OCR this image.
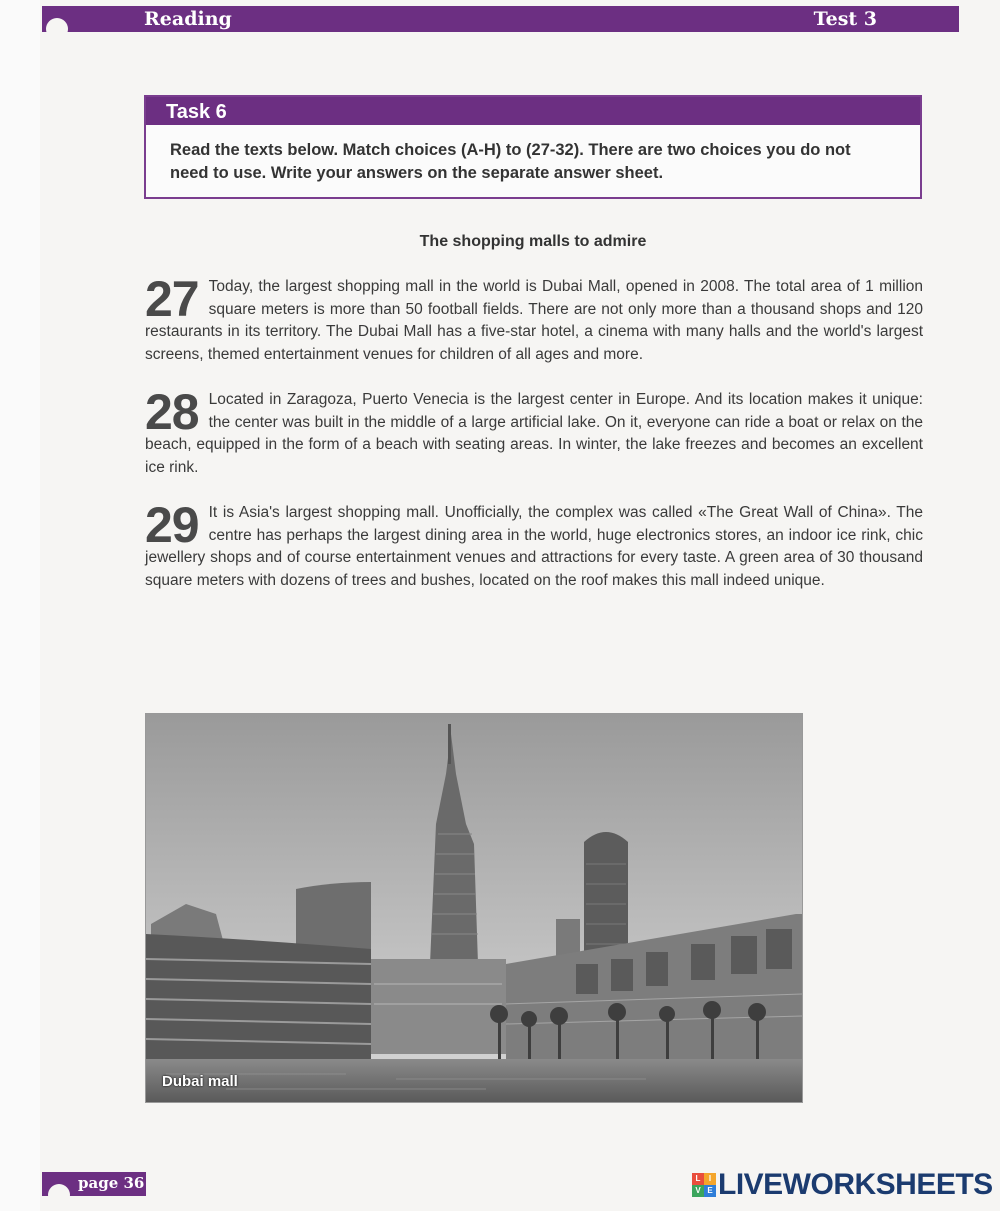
Reading	Test 3
Task 6
Read the texts below. Match choices (A-H) to (27-32). There are two choices you do not
need to use. Write your answers on the separate answer sheet.
The shopping malls to admire
27 Today, the largest shopping mall in the world is Dubai Mall, opened in 2008. The total area of 1 million square meters is more than 50 football fields. There are not only more than a thousand shops and 120 restaurants in its territory. The Dubai Mall has a five-star hotel, a cinema with many halls and the world's largest screens, themed entertainment venues for children of all ages and more.
28 Located in Zaragoza, Puerto Venecia is the largest center in Europe. And its location makes it unique: the center was built in the middle of a large artificial lake. On it, everyone can ride a boat or relax on the beach, equipped in the form of a beach with seating areas. In winter, the lake freezes and becomes an excellent ice rink.
29 It is Asia's largest shopping mall. Unofficially, the complex was called «The Great Wall of China». The centre has perhaps the largest dining area in the world, huge electronics stores, an indoor ice rink, chic jewellery shops and of course entertainment venues and attractions for every taste. A green area of 30 thousand square meters with dozens of trees and bushes, located on the roof makes this mall indeed unique.
Dubai mall
page 36	L	I
V E LIVEWORKSHEETS
